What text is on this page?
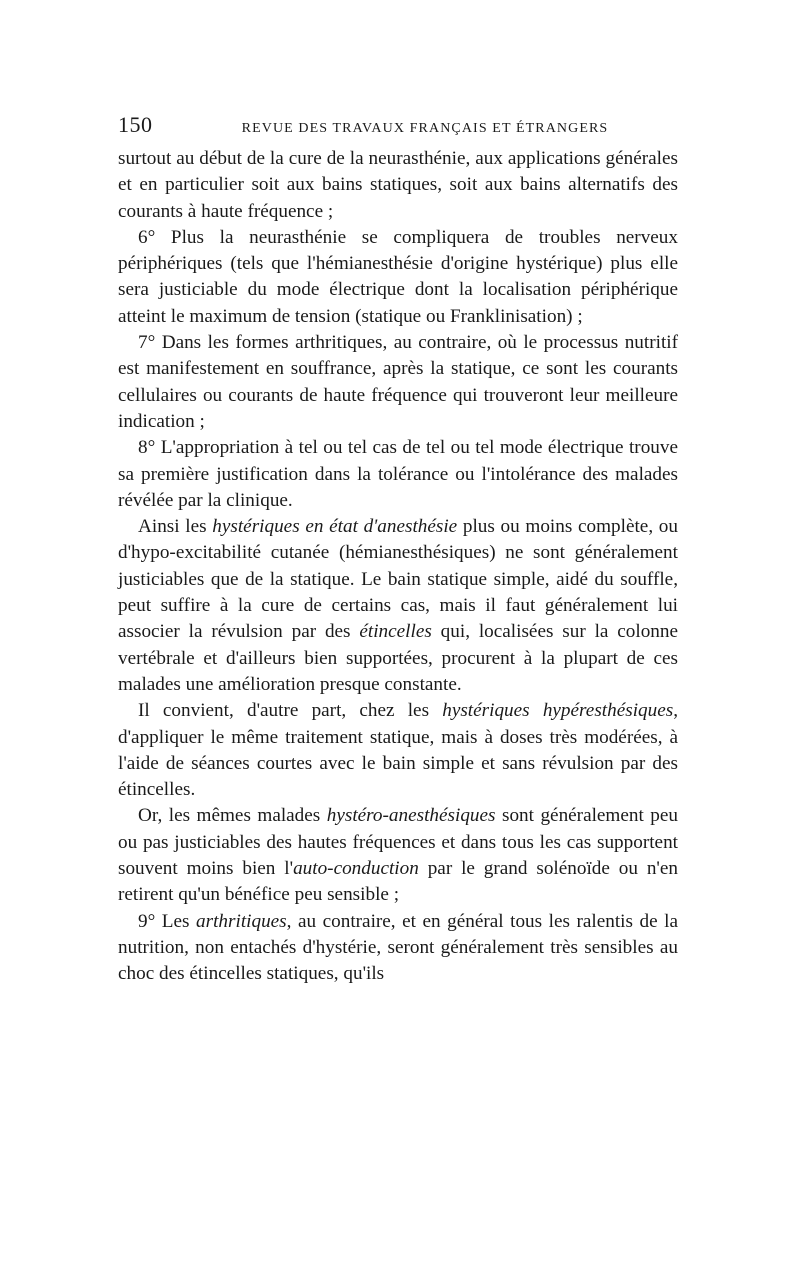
150	REVUE DES TRAVAUX FRANÇAIS ET ÉTRANGERS

surtout au début de la cure de la neurasthénie, aux applications générales et en particulier soit aux bains statiques, soit aux bains alternatifs des courants à haute fréquence ;

6° Plus la neurasthénie se compliquera de troubles nerveux périphériques (tels que l'hémianesthésie d'origine hystérique) plus elle sera justiciable du mode électrique dont la localisation périphérique atteint le maximum de tension (statique ou Franklinisation) ;

7° Dans les formes arthritiques, au contraire, où le processus nutritif est manifestement en souffrance, après la statique, ce sont les courants cellulaires ou courants de haute fréquence qui trouveront leur meilleure indication ;

8° L'appropriation à tel ou tel cas de tel ou tel mode électrique trouve sa première justification dans la tolérance ou l'intolérance des malades révélée par la clinique.

Ainsi les hystériques en état d'anesthésie plus ou moins complète, ou d'hypo-excitabilité cutanée (hémianesthésiques) ne sont généralement justiciables que de la statique. Le bain statique simple, aidé du souffle, peut suffire à la cure de certains cas, mais il faut généralement lui associer la révulsion par des étincelles qui, localisées sur la colonne vertébrale et d'ailleurs bien supportées, procurent à la plupart de ces malades une amélioration presque constante.

Il convient, d'autre part, chez les hystériques hypéresthésiques, d'appliquer le même traitement statique, mais à doses très modérées, à l'aide de séances courtes avec le bain simple et sans révulsion par des étincelles.

Or, les mêmes malades hystéro-anesthésiques sont généralement peu ou pas justiciables des hautes fréquences et dans tous les cas supportent souvent moins bien l'auto-conduction par le grand solénoïde ou n'en retirent qu'un bénéfice peu sensible ;

9° Les arthritiques, au contraire, et en général tous les ralentis de la nutrition, non entachés d'hystérie, seront généralement très sensibles au choc des étincelles statiques, qu'ils
